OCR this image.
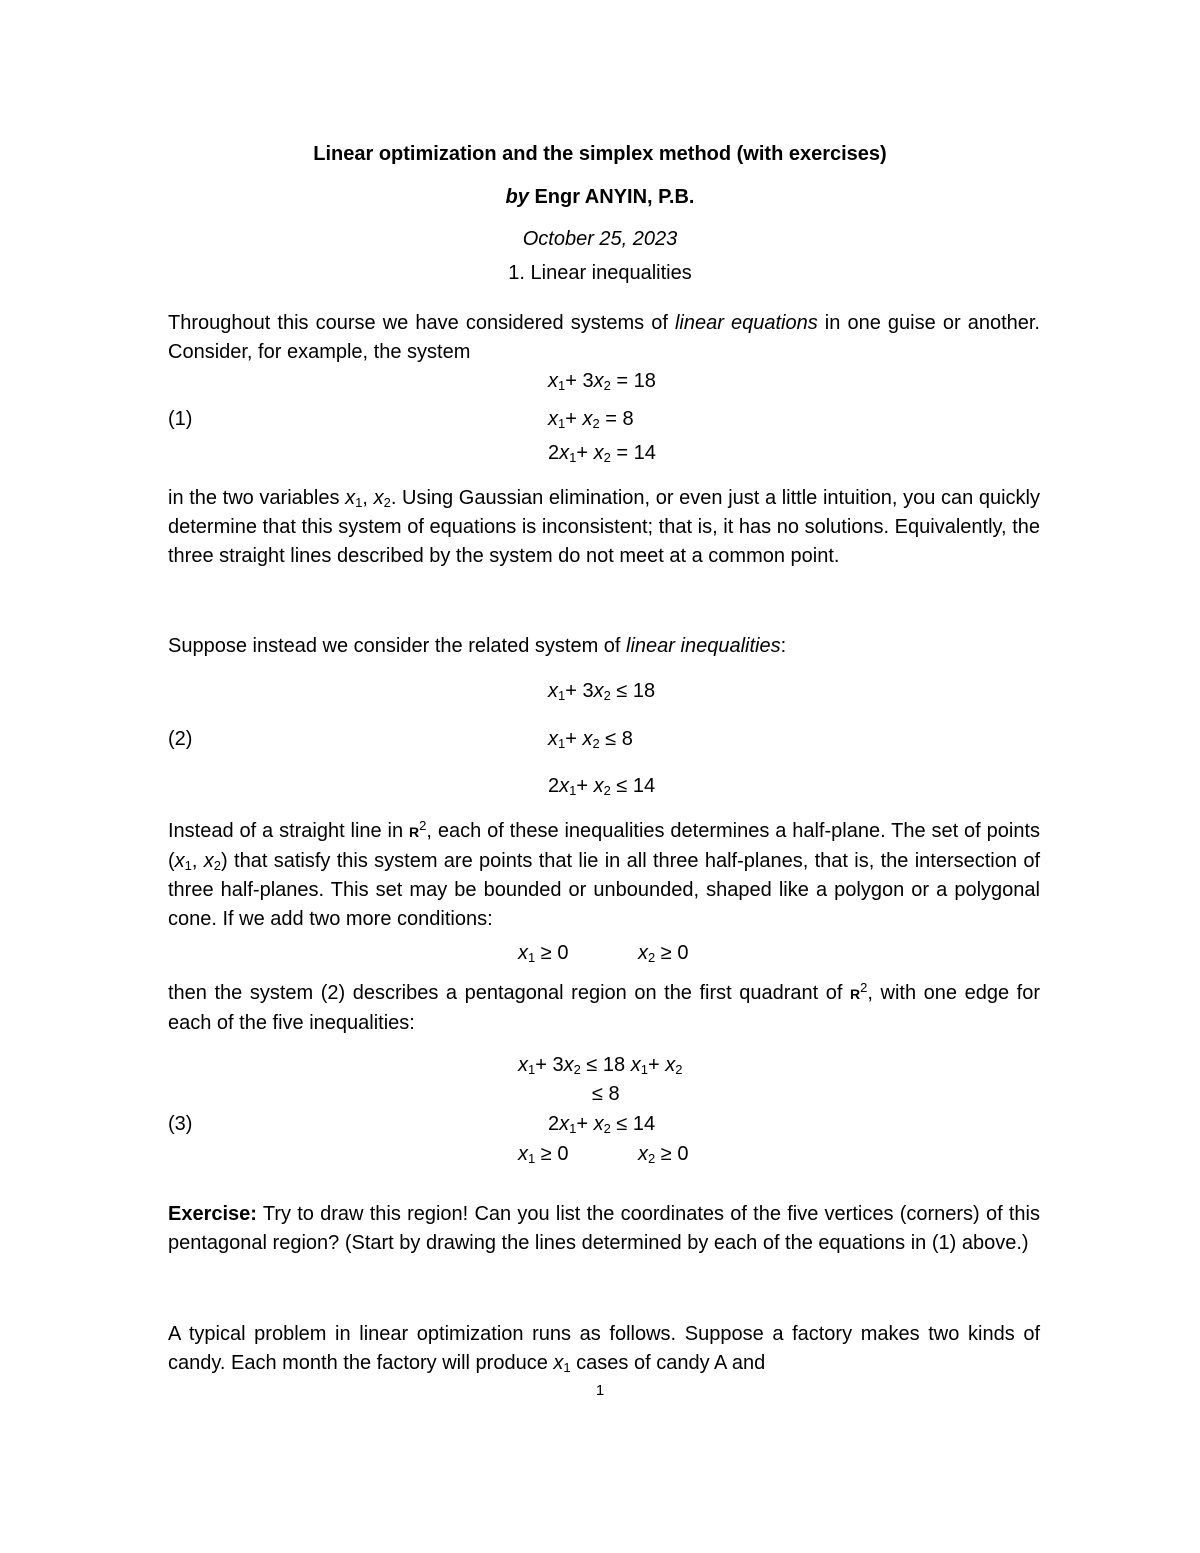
Linear optimization and the simplex method (with exercises)
by Engr ANYIN, P.B.
October 25, 2023
1. Linear inequalities
Throughout this course we have considered systems of linear equations in one guise or another. Consider, for example, the system
$x_1+ 3x_2 = 18$
(1)	$x_1+ x_2 = 8$
$2x_1+ x_2 = 14$
in the two variables $x_1$, $x_2$. Using Gaussian elimination, or even just a little intuition, you can quickly determine that this system of equations is inconsistent; that is, it has no solutions. Equivalently, the three straight lines described by the system do not meet at a common point.
Suppose instead we consider the related system of linear inequalities:
$x_1+ 3x_2 \le 18$
(2)	$x_1+ x_2 \le 8$
$2x_1+ x_2 \le 14$
Instead of a straight line in $R^2$, each of these inequalities determines a half-plane. The set of points ($x_1$, $x_2$) that satisfy this system are points that lie in all three half-planes, that is, the intersection of three half-planes. This set may be bounded or unbounded, shaped like a polygon or a polygonal cone. If we add two more conditions:
$x_1 \ge 0$	$x_2 \ge 0$
then the system (2) describes a pentagonal region on the first quadrant of $R^2$, with one edge for each of the five inequalities:
$x_1+ 3x_2 \le 18$ $x_1+ x_2$
≤ 8
(3)	$2x_1+ x_2 \le 14$
$x_1 \ge 0$	$x_2 \ge 0$
Exercise: Try to draw this region! Can you list the coordinates of the five vertices (corners) of this pentagonal region? (Start by drawing the lines determined by each of the equations in (1) above.)
A typical problem in linear optimization runs as follows. Suppose a factory makes two kinds of candy. Each month the factory will produce $x_1$ cases of candy A and
1
